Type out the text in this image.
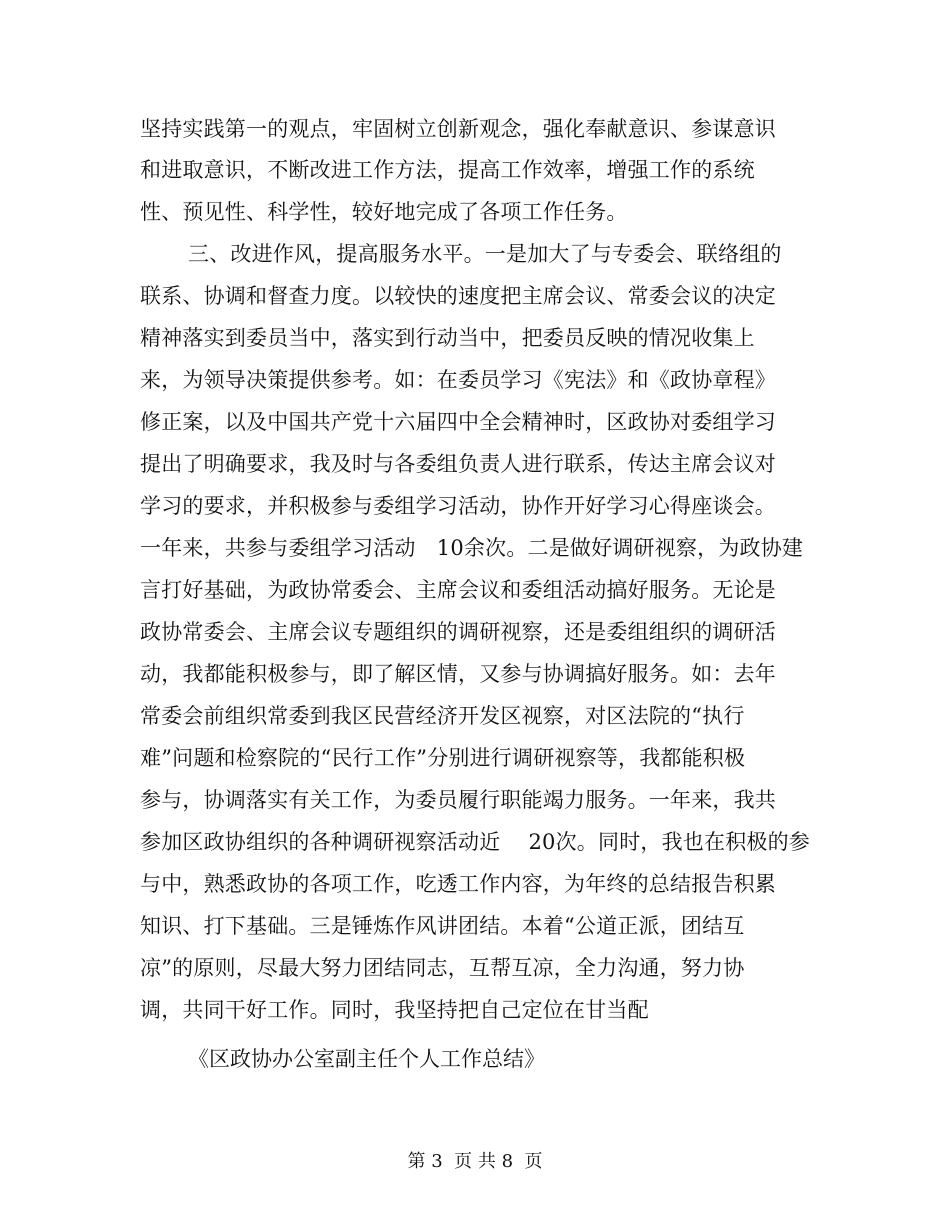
坚持实践第一的观点，牢固树立创新观念，强化奉献意识、参谋意识
和进取意识，不断改进工作方法，提高工作效率，增强工作的系统
性、预见性、科学性，较好地完成了各项工作任务。
三、改进作风，提高服务水平。一是加大了与专委会、联络组的
联系、协调和督查力度。以较快的速度把主席会议、常委会议的决定
精神落实到委员当中，落实到行动当中，把委员反映的情况收集上
来，为领导决策提供参考。如：在委员学习《宪法》和《政协章程》
修正案，以及中国共产党十六届四中全会精神时，区政协对委组学习
提出了明确要求，我及时与各委组负责人进行联系，传达主席会议对
学习的要求，并积极参与委组学习活动，协作开好学习心得座谈会。
一年来，共参与委组学习活动　10余次。二是做好调研视察，为政协建
言打好基础，为政协常委会、主席会议和委组活动搞好服务。无论是
政协常委会、主席会议专题组织的调研视察，还是委组组织的调研活
动，我都能积极参与，即了解区情，又参与协调搞好服务。如：去年
常委会前组织常委到我区民营经济开发区视察，对区法院的“执行
难”问题和检察院的“民行工作”分别进行调研视察等，我都能积极
参与，协调落实有关工作，为委员履行职能竭力服务。一年来，我共
参加区政协组织的各种调研视察活动近　 20次。同时，我也在积极的参
与中，熟悉政协的各项工作，吃透工作内容，为年终的总结报告积累
知识、打下基础。三是锤炼作风讲团结。本着“公道正派，团结互
凉”的原则，尽最大努力团结同志，互帮互凉，全力沟通，努力协
调，共同干好工作。同时，我坚持把自己定位在甘当配
《区政协办公室副主任个人工作总结》
第 3  页 共 8  页
